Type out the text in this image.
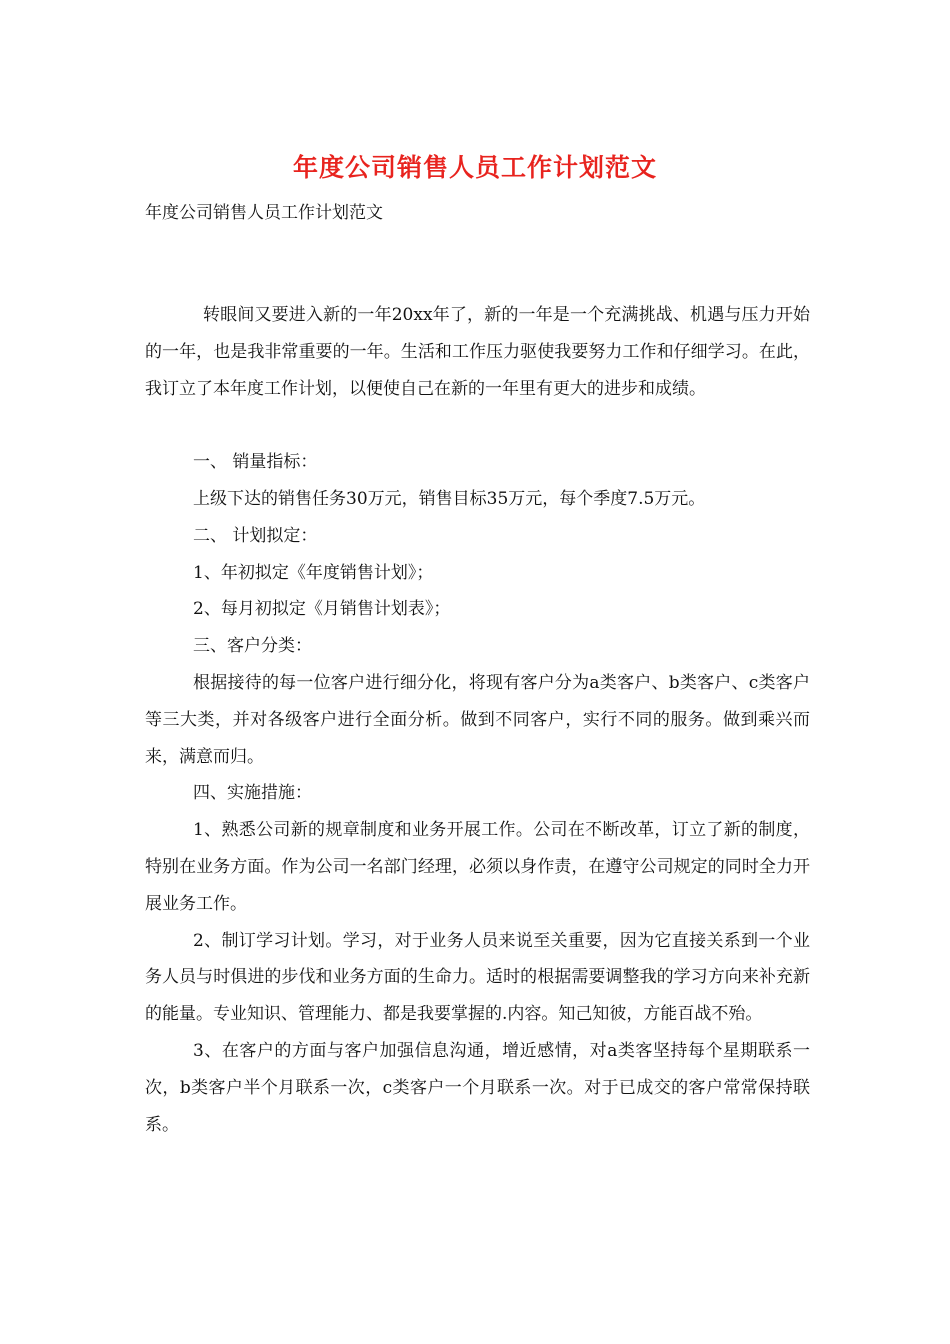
年度公司销售人员工作计划范文
年度公司销售人员工作计划范文

转眼间又要进入新的一年20xx年了，新的一年是一个充满挑战、机遇与压力开始的一年，也是我非常重要的一年。生活和工作压力驱使我要努力工作和仔细学习。在此，我订立了本年度工作计划，以便使自己在新的一年里有更大的进步和成绩。

一、 销量指标：

上级下达的销售任务30万元，销售目标35万元，每个季度7.5万元。

二、 计划拟定：

1、年初拟定《年度销售计划》；

2、每月初拟定《月销售计划表》；

三、客户分类：

根据接待的每一位客户进行细分化，将现有客户分为a类客户、b类客户、c类客户等三大类，并对各级客户进行全面分析。做到不同客户，实行不同的服务。做到乘兴而来，满意而归。

四、实施措施：

1、熟悉公司新的规章制度和业务开展工作。公司在不断改革，订立了新的制度，特别在业务方面。作为公司一名部门经理，必须以身作责，在遵守公司规定的同时全力开展业务工作。

2、制订学习计划。学习，对于业务人员来说至关重要，因为它直接关系到一个业务人员与时俱进的步伐和业务方面的生命力。适时的根据需要调整我的学习方向来补充新的能量。专业知识、管理能力、都是我要掌握的.内容。知己知彼，方能百战不殆。

3、在客户的方面与客户加强信息沟通，增近感情，对a类客坚持每个星期联系一次，b类客户半个月联系一次，c类客户一个月联系一次。对于已成交的客户常常保持联系。
